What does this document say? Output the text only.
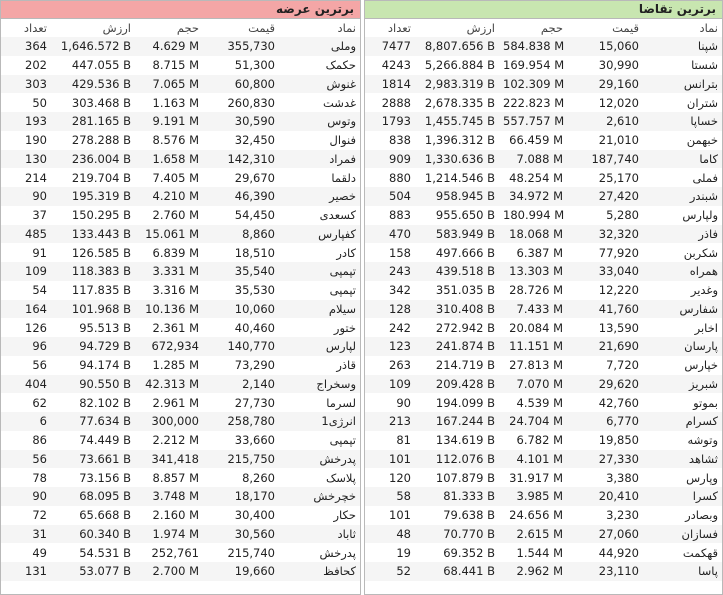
برترین عرضه
تعداد	ارزش	حجم	قیمت	نماد
364	1,646.572 B	4.629 M	355,730	وملی
202	447.055 B	8.715 M	51,300	حکمک
303	429.536 B	7.065 M	60,800	غنوش
50	303.468 B	1.163 M	260,830	غدشت
193	281.165 B	9.191 M	30,590	وتوس
190	278.288 B	8.576 M	32,450	فنوال
130	236.004 B	1.658 M	142,310	فمراد
214	219.704 B	7.405 M	29,670	دلقما
90	195.319 B	4.210 M	46,390	خصير
37	150.295 B	2.760 M	54,450	کسعدی
485	133.443 B	15.061 M	8,860	کفپارس
91	126.585 B	6.839 M	18,510	کادر
109	118.383 B	3.331 M	35,540	تپمپی
54	117.835 B	3.316 M	35,530	تپمپی
164	101.968 B	10.136 M	10,060	سیلام
126	95.513 B	2.361 M	40,460	ختور
96	94.729 B	672,934	140,770	لپارس
56	94.174 B	1.285 M	73,290	قاذر
404	90.550 B	42.313 M	2,140	وسخراج
62	82.102 B	2.961 M	27,730	لسرما
6	77.634 B	300,000	258,780	انرژی1
86	74.449 B	2.212 M	33,660	تپمپی
56	73.661 B	341,418	215,750	پدرخش
78	73.156 B	8.857 M	8,260	پلاسک
90	68.095 B	3.748 M	18,170	خچرخش
72	65.668 B	2.160 M	30,400	حکار
31	60.340 B	1.974 M	30,560	ثاباد
49	54.531 B	252,761	215,740	پدرخش
131	53.077 B	2.700 M	19,660	کحافظ
برترین تقاضا
تعداد	ارزش	حجم	قیمت	نماد
7477	8,807.656 B	584.838 M	15,060	شپنا
4243	5,266.884 B	169.954 M	30,990	شستا
1814	2,983.319 B	102.309 M	29,160	بترانس
2888	2,678.335 B	222.823 M	12,020	شتران
1793	1,455.745 B	557.757 M	2,610	خساپا
838	1,396.312 B	66.459 M	21,010	خبهمن
909	1,330.636 B	7.088 M	187,740	کاما
880	1,214.546 B	48.254 M	25,170	فملی
504	958.945 B	34.972 M	27,420	شبندر
883	955.650 B	180.994 M	5,280	ولپارس
470	583.949 B	18.068 M	32,320	فاذر
158	497.666 B	6.387 M	77,920	شکربن
243	439.518 B	13.303 M	33,040	همراه
342	351.035 B	28.726 M	12,220	وغدیر
128	310.408 B	7.433 M	41,760	شفارس
242	272.942 B	20.084 M	13,590	اخابر
123	241.874 B	11.151 M	21,690	پارسان
263	214.719 B	27.813 M	7,720	خپارس
109	209.428 B	7.070 M	29,620	شبریز
90	194.099 B	4.539 M	42,760	بموتو
213	167.244 B	24.704 M	6,770	کسرام
81	134.619 B	6.782 M	19,850	وتوشه
101	112.076 B	4.101 M	27,330	ثشاهد
120	107.879 B	31.917 M	3,380	وپارس
58	81.333 B	3.985 M	20,410	کسرا
101	79.638 B	24.656 M	3,230	وبصادر
48	70.770 B	2.615 M	27,060	فسازان
19	69.352 B	1.544 M	44,920	قهکمت
52	68.441 B	2.962 M	23,110	پاسا
